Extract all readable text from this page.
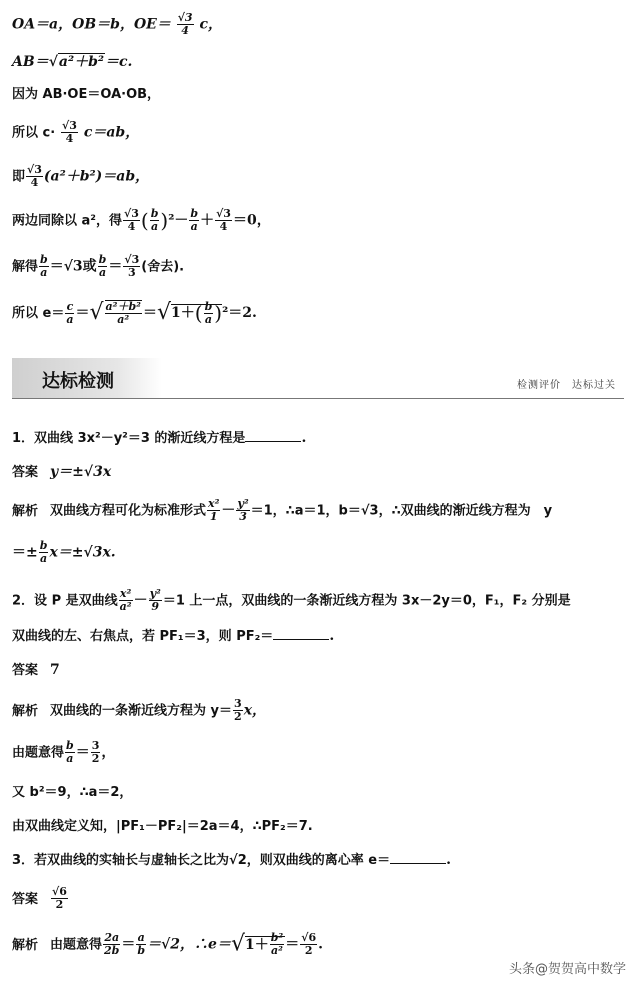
OA＝a，OB＝b，$OE= \frac{√3}{4}$ c，
AB＝√a²＋b²＝c.
因为 AB·OE＝OA·OB，
所以 $c\cdot \frac{√3}{4} c=ab$，
即 $\frac{√3}{4} (a^2+b^2)=ab$，
两边同除以 a²，得 $\frac{√3}{4}$ ( $\frac{b}{a} )^2- \frac{b}{a} + \frac{√3}{4} =0$，
解得 $\frac{b}{a} =√3$或 $\frac{b}{a} = \frac{√3}{3}$ (舍去).
所以 $e= \frac{c}{a}$ ＝√ $\frac{\text{a²＋b²}}{\text{a²}} =√1+( \frac{b}{a} )^2=2$.
达标检测	检测评价　达标过关
1．双曲线 3x²－y²＝3 的渐近线方程是	.
答案 y＝±√3x
解析 双曲线方程可化为标准形式 $\frac{\text{x²}}{1} - \frac{\text{y²}}{3} =1$，∴a＝1，b＝√3，∴双曲线的渐近线方程为　y
＝± $\frac{b}{a} x=\pm√3x$.
2．设 P 是双曲线 $\frac{\text{x²}}{\text{a²}} - \frac{\text{y²}}{9} =1$ 上一点，双曲线的一条渐近线方程为 3x－2y＝0，F₁，F₂ 分别是
双曲线的左、右焦点，若 PF₁＝3，则 PF₂＝	.
答案 7
解析 双曲线的一条渐近线方程为 $y= \frac{3}{2}$ x，
由题意得 $\frac{b}{a} = \frac{3}{2}$ ，
又 b²＝9，∴a＝2，
由双曲线定义知，|PF₁－PF₂|＝2a＝4，∴PF₂＝7.
3．若双曲线的实轴长与虚轴长之比为√2，则双曲线的离心率 e＝	.
答案 $\frac{√6}{2}$
解析 由题意得 $\frac{2a}{2b} = \frac{a}{b} =√2$，∴e＝√1＋ $\frac{\text{b²}}{\text{a²}} = \frac{√6}{2}$ .
头条@贺贺高中数学
